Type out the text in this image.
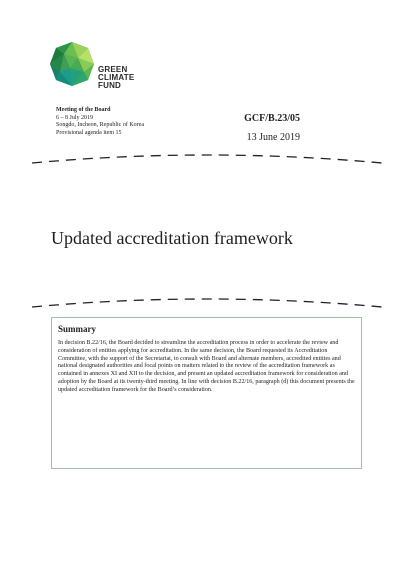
GREEN
CLIMATE
FUND
Meeting of the Board
6 – 8 July 2019
Songdo, Incheon, Republic of Korea
Provisional agenda item 15
GCF/B.23/05
13 June 2019
Updated accreditation framework
Summary

In decision B.22/16, the Board decided to streamline the accreditation process in order to accelerate the review and consideration of entities applying for accreditation. In the same decision, the Board requested its Accreditation Committee, with the support of the Secretariat, to consult with Board and alternate members, accredited entities and national designated authorities and focal points on matters related to the review of the accreditation framework as contained in annexes XI and XII to the decision, and present an updated accreditation framework for consideration and adoption by the Board at its twenty-third meeting. In line with decision B.22/16, paragraph (d) this document presents the updated accreditation framework for the Board’s consideration.
